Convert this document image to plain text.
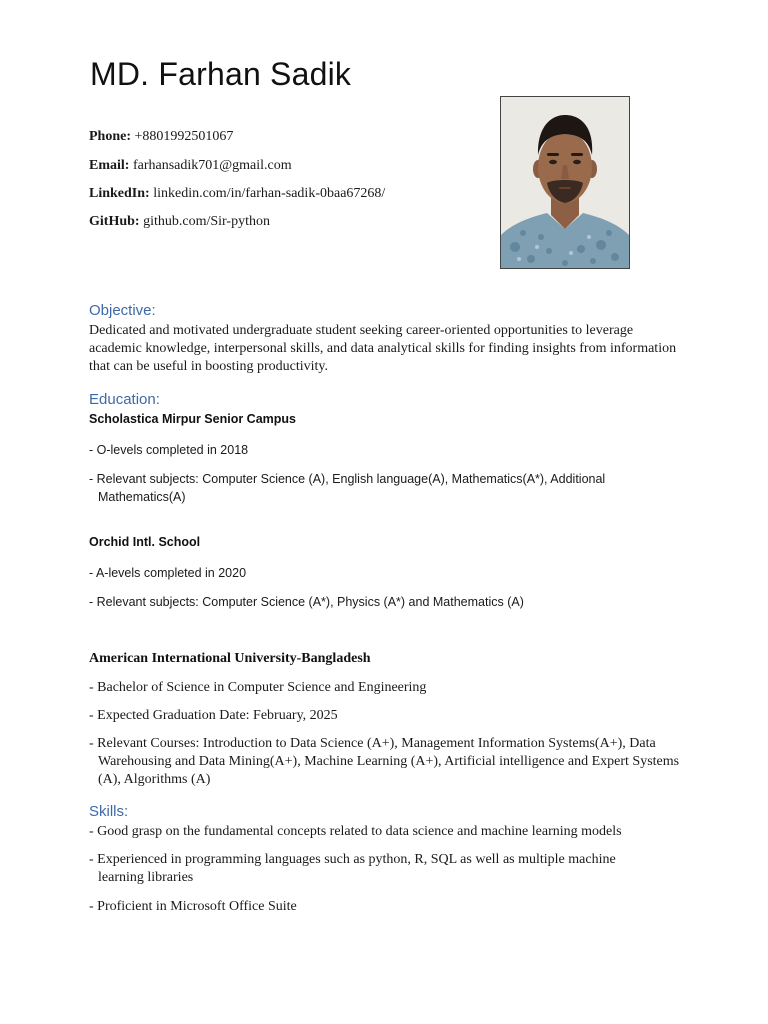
MD. Farhan Sadik
Phone: +8801992501067
Email: farhansadik701@gmail.com
LinkedIn: linkedin.com/in/farhan-sadik-0baa67268/
GitHub: github.com/Sir-python
Objective:
Dedicated and motivated undergraduate student seeking career-oriented opportunities to leverage academic knowledge, interpersonal skills, and data analytical skills for finding insights from information that can be useful in boosting productivity.
Education:
Scholastica Mirpur Senior Campus
- O-levels completed in 2018
- Relevant subjects: Computer Science (A), English language(A), Mathematics(A*), Additional Mathematics(A)
Orchid Intl. School
- A-levels completed in 2020
- Relevant subjects: Computer Science (A*), Physics (A*) and Mathematics (A)
American International University-Bangladesh
- Bachelor of Science in Computer Science and Engineering
- Expected Graduation Date: February, 2025
- Relevant Courses: Introduction to Data Science (A+), Management Information Systems(A+), Data Warehousing and Data Mining(A+), Machine Learning (A+), Artificial intelligence and Expert Systems (A), Algorithms (A)
Skills:
- Good grasp on the fundamental concepts related to data science and machine learning models
- Experienced in programming languages such as python, R, SQL as well as multiple machine learning libraries
- Proficient in Microsoft Office Suite
